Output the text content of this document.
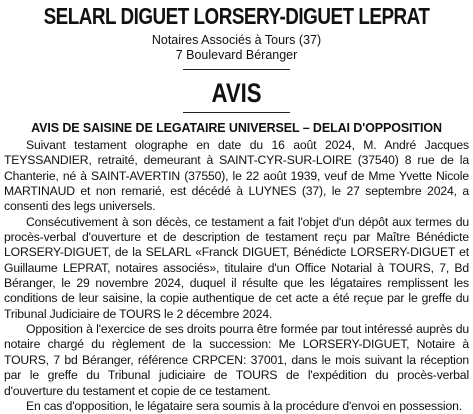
SELARL DIGUET LORSERY-DIGUET LEPRAT
Notaires Associés à Tours (37)
7 Boulevard Béranger
AVIS
AVIS DE SAISINE DE LEGATAIRE UNIVERSEL – DELAI D'OPPOSITION

Suivant testament olographe en date du 16 août 2024, M. André Jacques TEYSSANDIER, retraité, demeurant à SAINT-CYR-SUR-LOIRE (37540) 8 rue de la Chanterie, né à SAINT-AVERTIN (37550), le 22 août 1939, veuf de Mme Yvette Nicole MARTINAUD et non remarié, est décédé à LUYNES (37), le 27 septembre 2024, a consenti des legs universels.

Consécutivement à son décès, ce testament a fait l'objet d'un dépôt aux termes du procès-verbal d'ouverture et de description de testament reçu par Maître Bénédicte LORSERY-DIGUET, de la SELARL «Franck DIGUET, Bénédicte LORSERY-DIGUET et Guillaume LEPRAT, notaires associés», titulaire d'un Office Notarial à TOURS, 7, Bd Béranger, le 29 novembre 2024, duquel il résulte que les légataires remplissent les conditions de leur saisine, la copie authentique de cet acte a été reçue par le greffe du Tribunal Judiciaire de TOURS le 2 décembre 2024.

Opposition à l'exercice de ses droits pourra être formée par tout intéressé auprès du notaire chargé du règlement de la succession: Me LORSERY-DIGUET, Notaire à TOURS, 7 bd Béranger, référence CRPCEN: 37001, dans le mois suivant la réception par le greffe du Tribunal judiciaire de TOURS de l'expédition du procès-verbal d'ouverture du testament et copie de ce testament.

En cas d'opposition, le légataire sera soumis à la procédure d'envoi en possession.
